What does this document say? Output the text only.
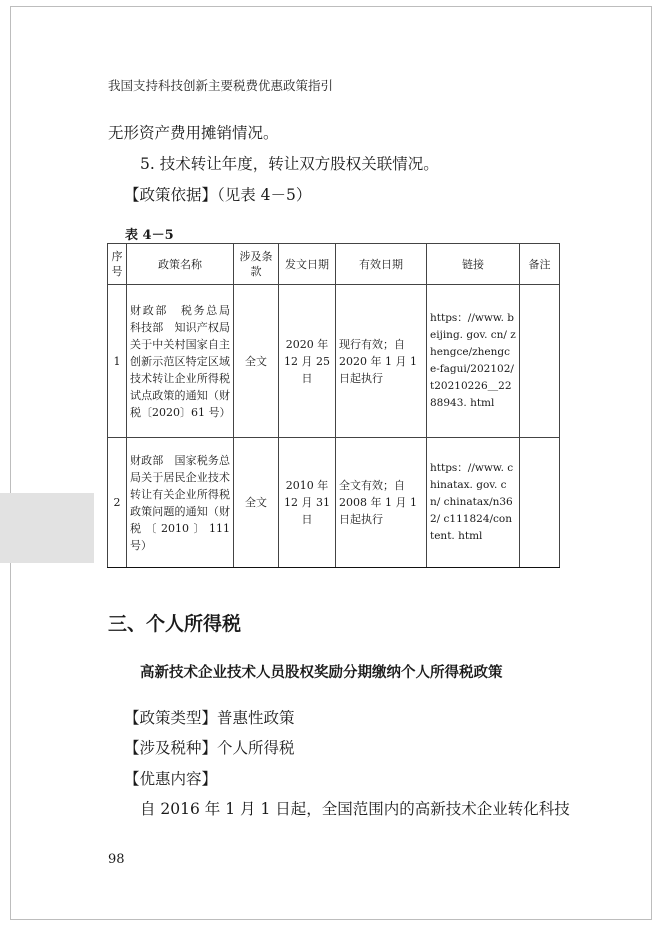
我国支持科技创新主要税费优惠政策指引
无形资产费用摊销情况。
5. 技术转让年度，转让双方股权关联情况。
【政策依据】（见表 4－5）
表 4－5
序号	政策名称	涉及条款	发文日期	有效日期	链接	备注
1	财政部　税务总局　科技部　知识产权局关于中关村国家自主创新示范区特定区域技术转让企业所得税试点政策的通知（财税〔2020〕61 号）	全文	2020 年 12 月 25 日	现行有效；自 2020 年 1 月 1 日起执行	https：//www. beijing. gov. cn/ zhengce/zhengce-fagui/202102/ t20210226＿2288943. html	
2	财政部　国家税务总局关于居民企业技术转让有关企业所得税政策问题的通知（财税〔2010〕111 号）	全文	2010 年 12 月 31 日	全文有效；自 2008 年 1 月 1 日起执行	https：//www. chinatax. gov. cn/ chinatax/n362/ c111824/content. html	
三、个人所得税
高新技术企业技术人员股权奖励分期缴纳个人所得税政策
【政策类型】普惠性政策
【涉及税种】个人所得税
【优惠内容】
自 2016 年 1 月 1 日起，全国范围内的高新技术企业转化科技
98
